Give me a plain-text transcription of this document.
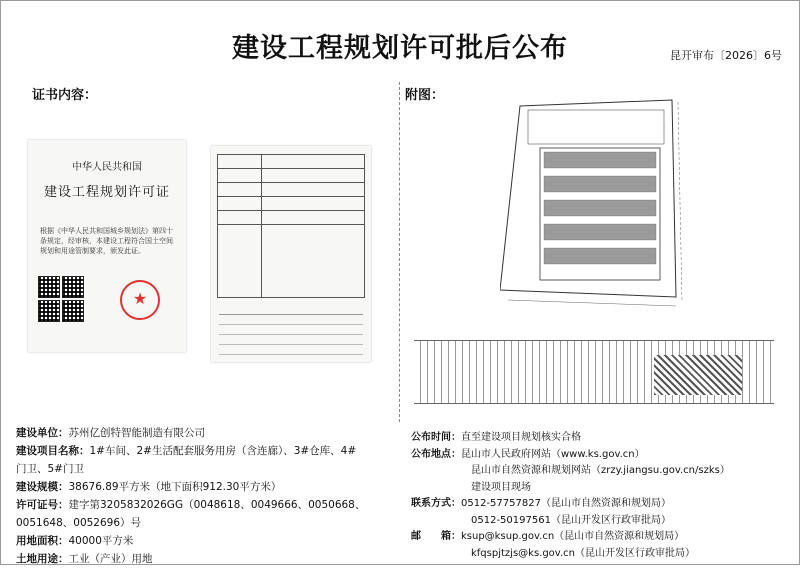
建设工程规划许可批后公布	昆开审布〔2026〕6号
证书内容：	附图：
中华人民共和国
建设工程规划许可证
根据《中华人民共和国城乡规划法》第四十条规定，经审核，本建设工程符合国土空间规划和用途管制要求，颁发此证。
★

建设单位：苏州亿创特智能制造有限公司
建设项目名称：1#车间、2#生活配套服务用房（含连廊）、3#仓库、4#
门卫、5#门卫
建设规模：38676.89平方米（地下面积912.30平方米）
许可证号：建字第3205832026GG（0048618、0049666、0050668、
0051648、0052696）号
用地面积：40000平方米
土地用途：工业（产业）用地
公布时间：直至建设项目规划核实合格
公布地点：昆山市人民政府网站（www.ks.gov.cn）
昆山市自然资源和规划网站（zrzy.jiangsu.gov.cn/szks）
建设项目现场
联系方式：0512-57757827（昆山市自然资源和规划局）
0512-50197561（昆山开发区行政审批局）
邮　　箱：ksup@ksup.gov.cn（昆山市自然资源和规划局）
kfqspjtzjs@ks.gov.cn（昆山开发区行政审批局）
